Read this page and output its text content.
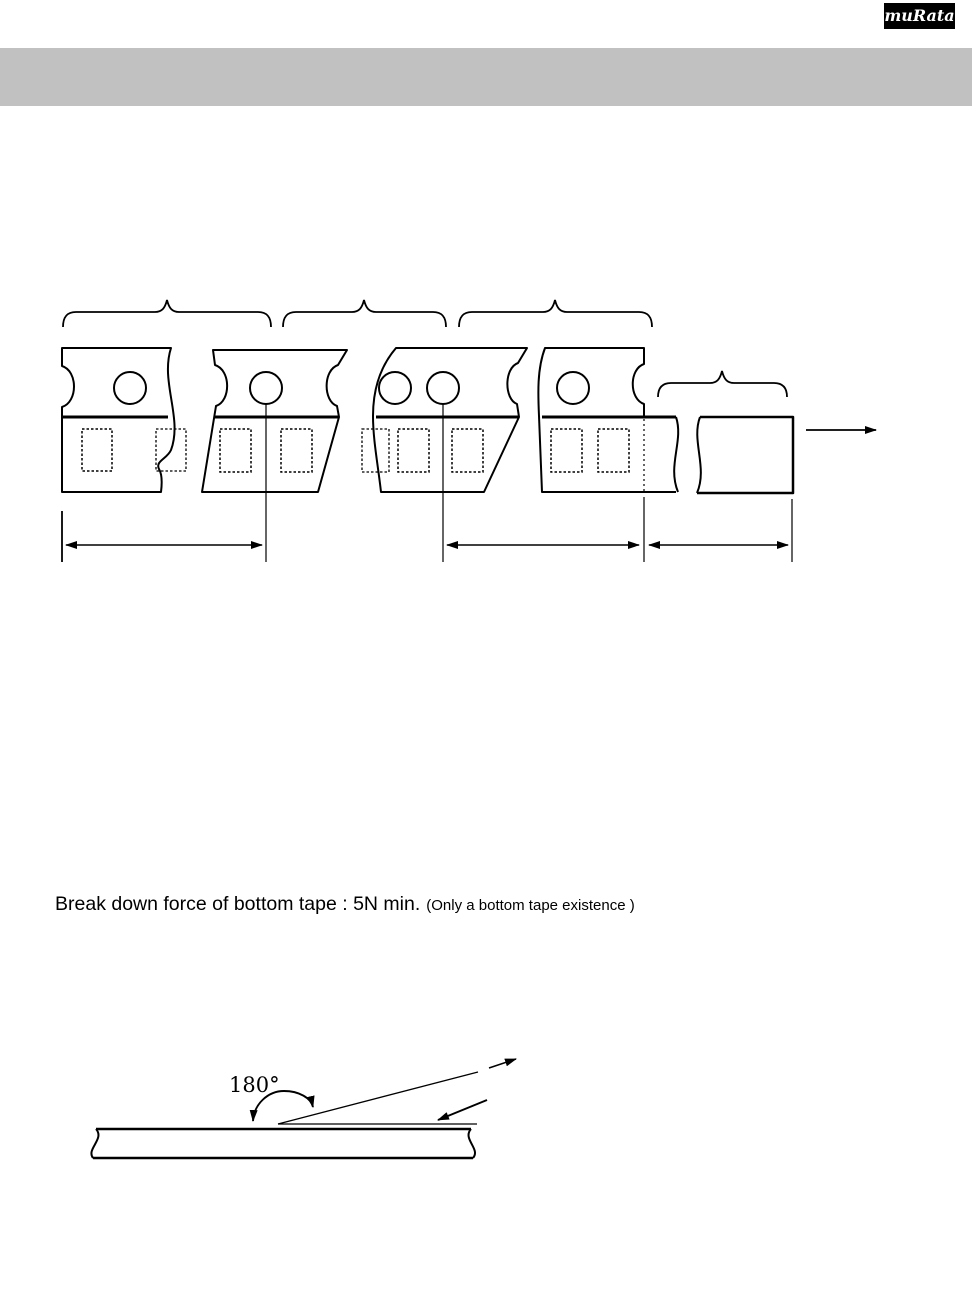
muRata
Break down force of bottom tape : 5N min. (Only a bottom tape existence )
180°
